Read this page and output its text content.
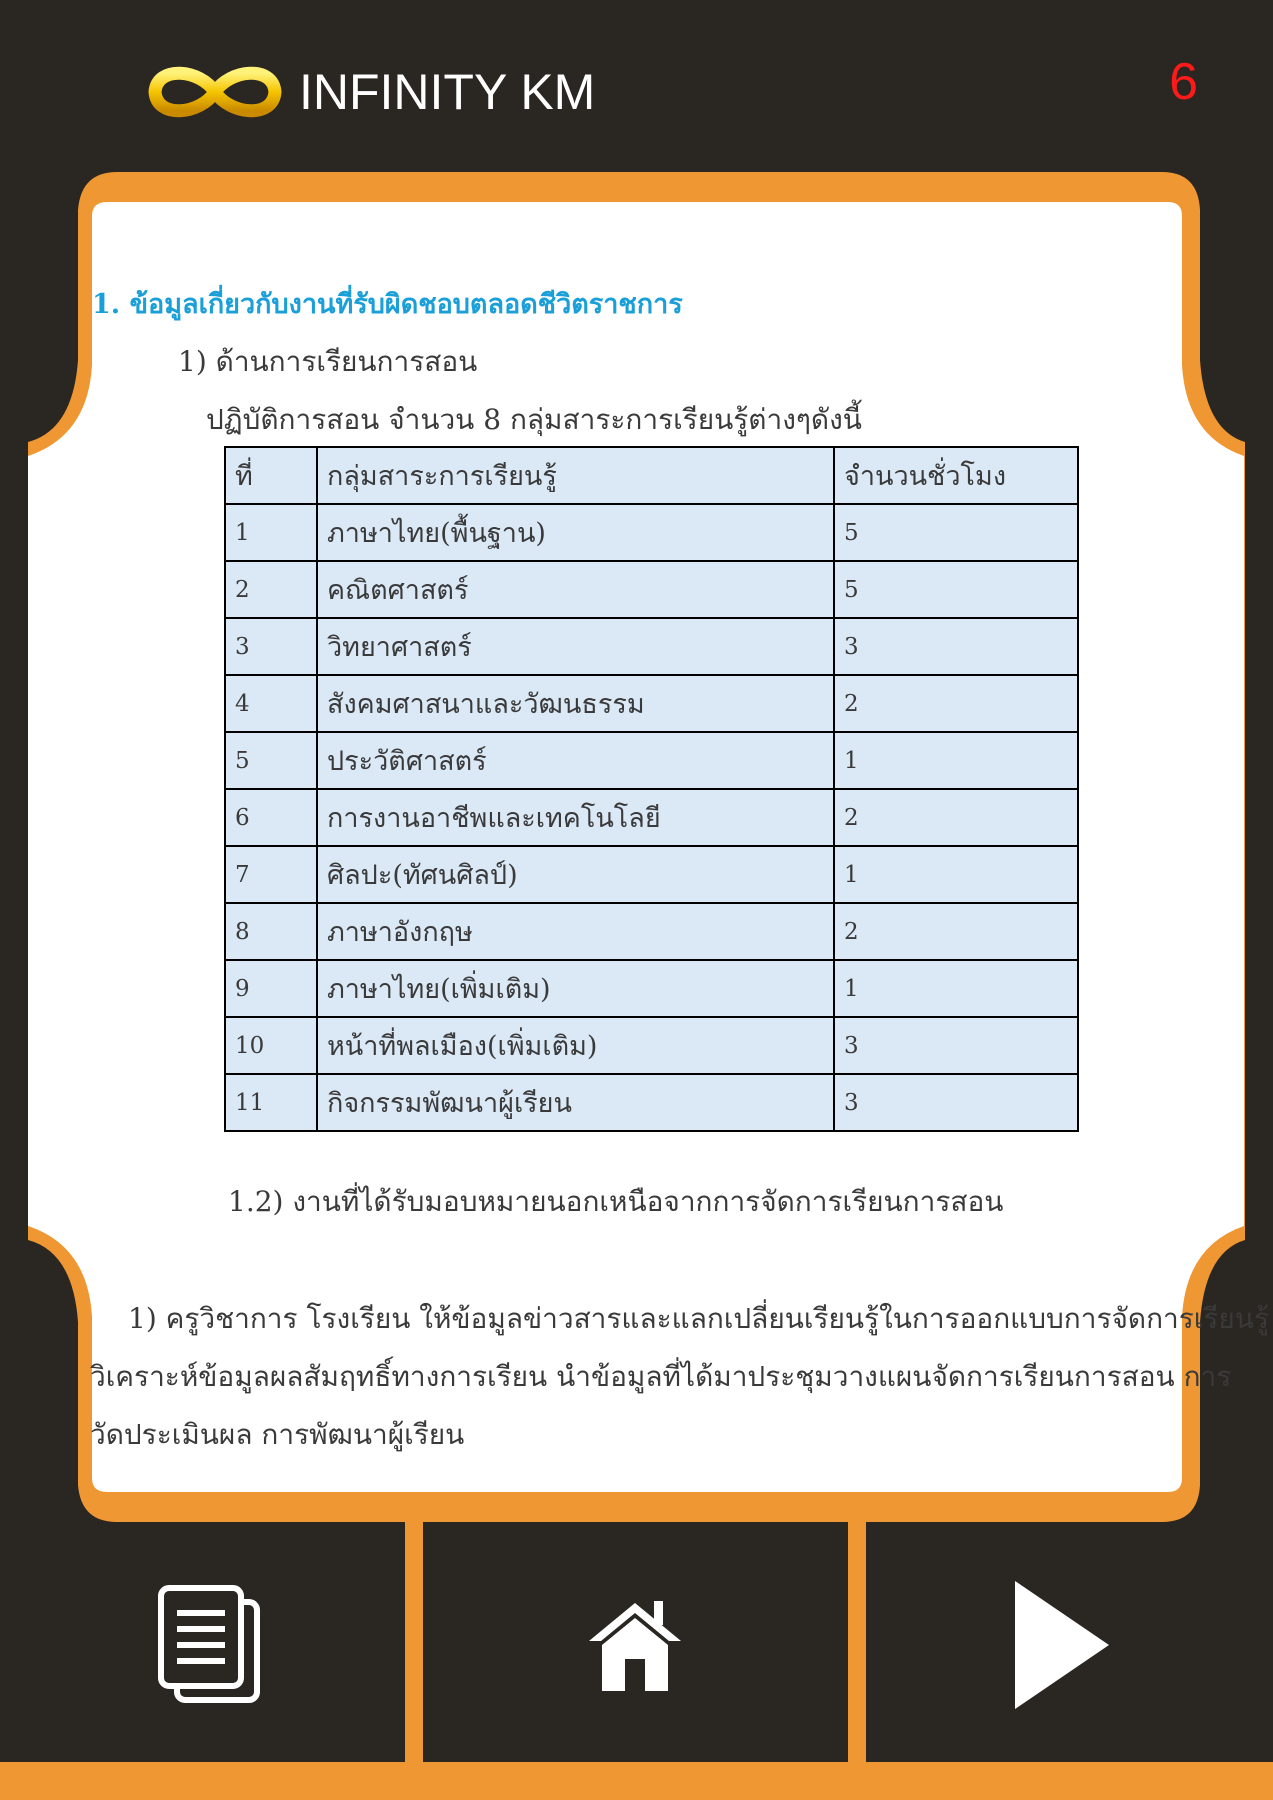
INFINITY KM	6

1. ข้อมูลเกี่ยวกับงานที่รับผิดชอบตลอดชีวิตราชการ

1) ด้านการเรียนการสอน

ปฏิบัติการสอน จำนวน 8 กลุ่มสาระการเรียนรู้ต่างๆดังนี้

ที่	กลุ่มสาระการเรียนรู้	จำนวนชั่วโมง
1	ภาษาไทย(พื้นฐาน)	5
2	คณิตศาสตร์	5
3	วิทยาศาสตร์	3
4	สังคมศาสนาและวัฒนธรรม	2
5	ประวัติศาสตร์	1
6	การงานอาชีพและเทคโนโลยี	2
7	ศิลปะ(ทัศนศิลป์)	1
8	ภาษาอังกฤษ	2
9	ภาษาไทย(เพิ่มเติม)	1
10	หน้าที่พลเมือง(เพิ่มเติม)	3
11	กิจกรรมพัฒนาผู้เรียน	3

1.2) งานที่ได้รับมอบหมายนอกเหนือจากการจัดการเรียนการสอน

1) ครูวิชาการ โรงเรียน ให้ข้อมูลข่าวสารและแลกเปลี่ยนเรียนรู้ในการออกแบบการจัดการเรียนรู้
วิเคราะห์ข้อมูลผลสัมฤทธิ์ทางการเรียน นำข้อมูลที่ได้มาประชุมวางแผนจัดการเรียนการสอน การ
วัดประเมินผล การพัฒนาผู้เรียน
